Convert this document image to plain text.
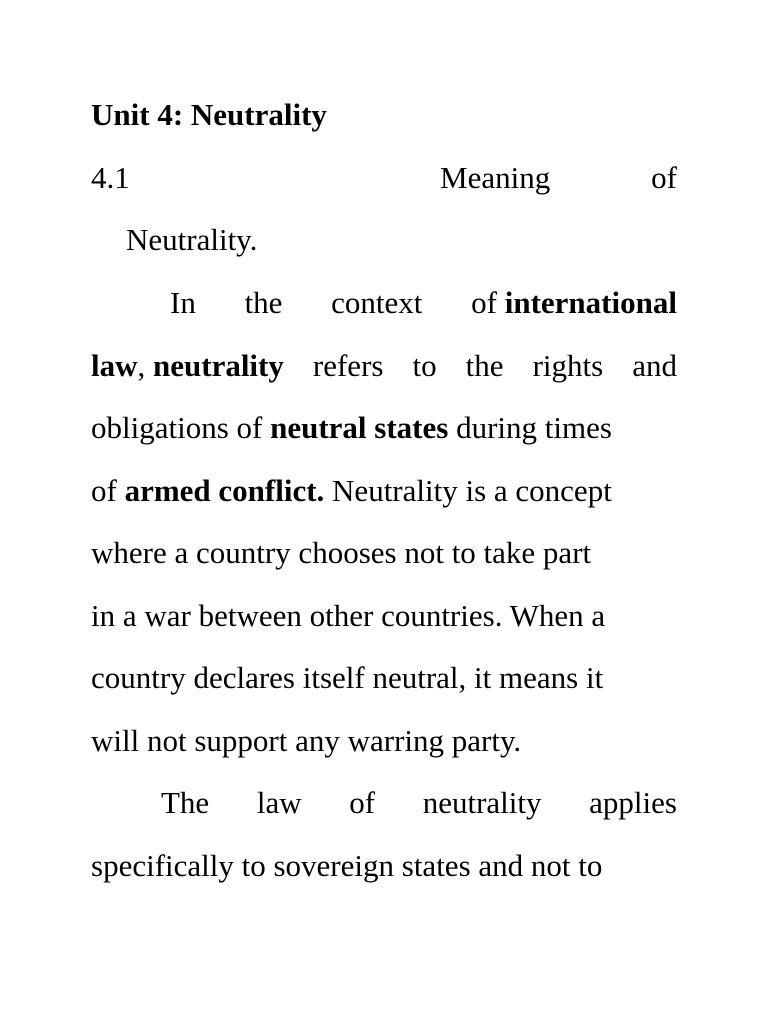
Unit 4: Neutrality
4.1	Meaning	of
Neutrality.
In the context of international
law, neutrality refers to the rights and
obligations of neutral states during times
of armed conflict. Neutrality is a concept
where a country chooses not to take part
in a war between other countries. When a
country declares itself neutral, it means it
will not support any warring party.
The law of neutrality applies
specifically to sovereign states and not to
